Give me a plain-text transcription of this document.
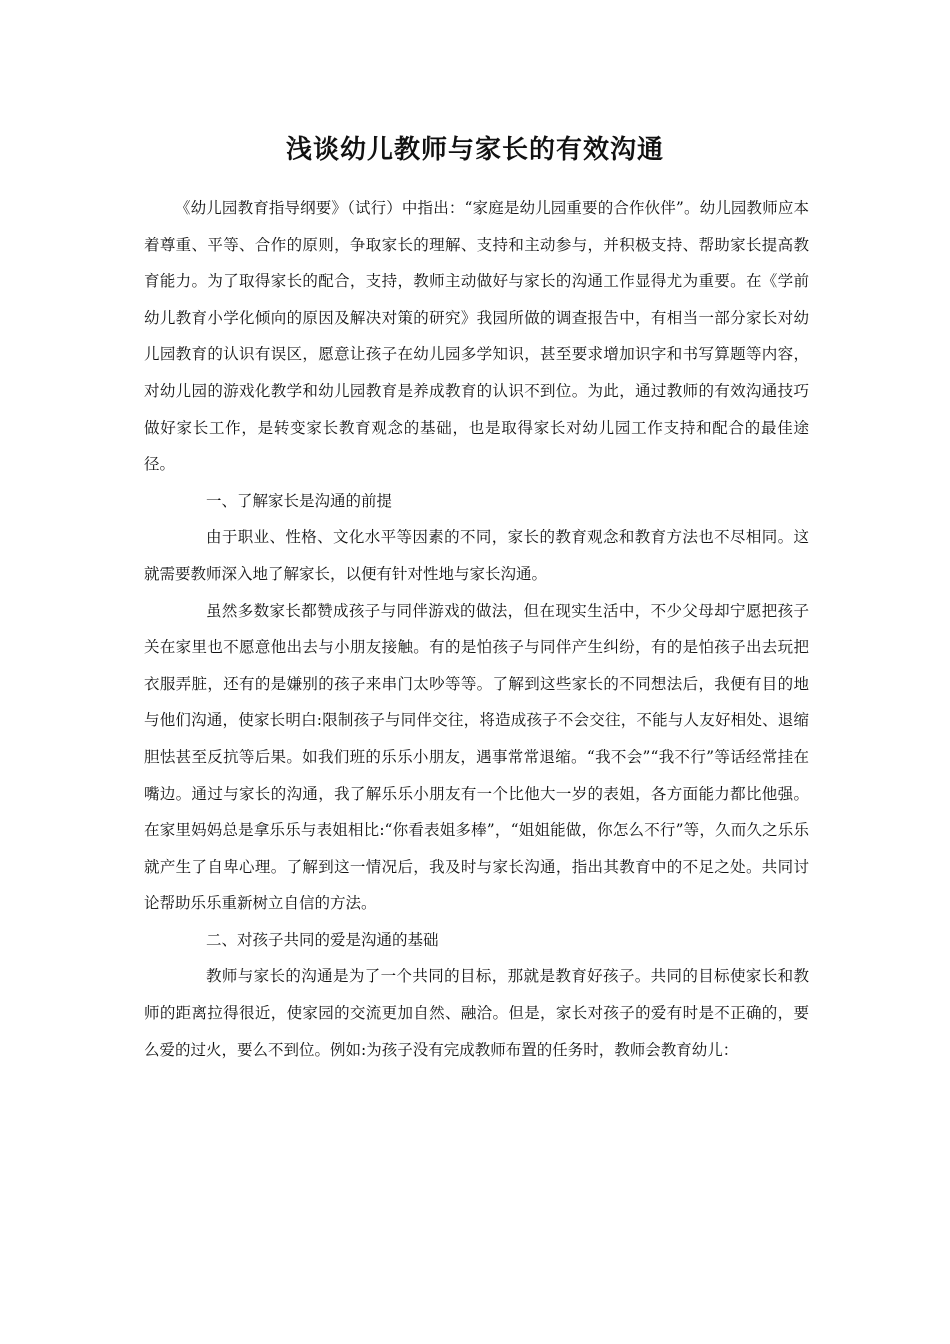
浅谈幼儿教师与家长的有效沟通

《幼儿园教育指导纲要》（试行）中指出：“家庭是幼儿园重要的合作伙伴”。幼儿园教师应本着尊重、平等、合作的原则，争取家长的理解、支持和主动参与，并积极支持、帮助家长提高教育能力。为了取得家长的配合，支持，教师主动做好与家长的沟通工作显得尤为重要。在《学前幼儿教育小学化倾向的原因及解决对策的研究》我园所做的调查报告中，有相当一部分家长对幼儿园教育的认识有误区，愿意让孩子在幼儿园多学知识，甚至要求增加识字和书写算题等内容，对幼儿园的游戏化教学和幼儿园教育是养成教育的认识不到位。为此，通过教师的有效沟通技巧做好家长工作，是转变家长教育观念的基础，也是取得家长对幼儿园工作支持和配合的最佳途径。

一、了解家长是沟通的前提

由于职业、性格、文化水平等因素的不同，家长的教育观念和教育方法也不尽相同。这就需要教师深入地了解家长，以便有针对性地与家长沟通。

虽然多数家长都赞成孩子与同伴游戏的做法，但在现实生活中，不少父母却宁愿把孩子关在家里也不愿意他出去与小朋友接触。有的是怕孩子与同伴产生纠纷，有的是怕孩子出去玩把衣服弄脏，还有的是嫌别的孩子来串门太吵等等。了解到这些家长的不同想法后，我便有目的地与他们沟通，使家长明白:限制孩子与同伴交往，将造成孩子不会交往，不能与人友好相处、退缩胆怯甚至反抗等后果。如我们班的乐乐小朋友，遇事常常退缩。“我不会”“我不行”等话经常挂在嘴边。通过与家长的沟通，我了解乐乐小朋友有一个比他大一岁的表姐，各方面能力都比他强。在家里妈妈总是拿乐乐与表姐相比:“你看表姐多棒”，“姐姐能做，你怎么不行”等，久而久之乐乐就产生了自卑心理。了解到这一情况后，我及时与家长沟通，指出其教育中的不足之处。共同讨论帮助乐乐重新树立自信的方法。

二、对孩子共同的爱是沟通的基础

教师与家长的沟通是为了一个共同的目标，那就是教育好孩子。共同的目标使家长和教师的距离拉得很近，使家园的交流更加自然、融洽。但是，家长对孩子的爱有时是不正确的，要么爱的过火，要么不到位。例如:为孩子没有完成教师布置的任务时，教师会教育幼儿：
